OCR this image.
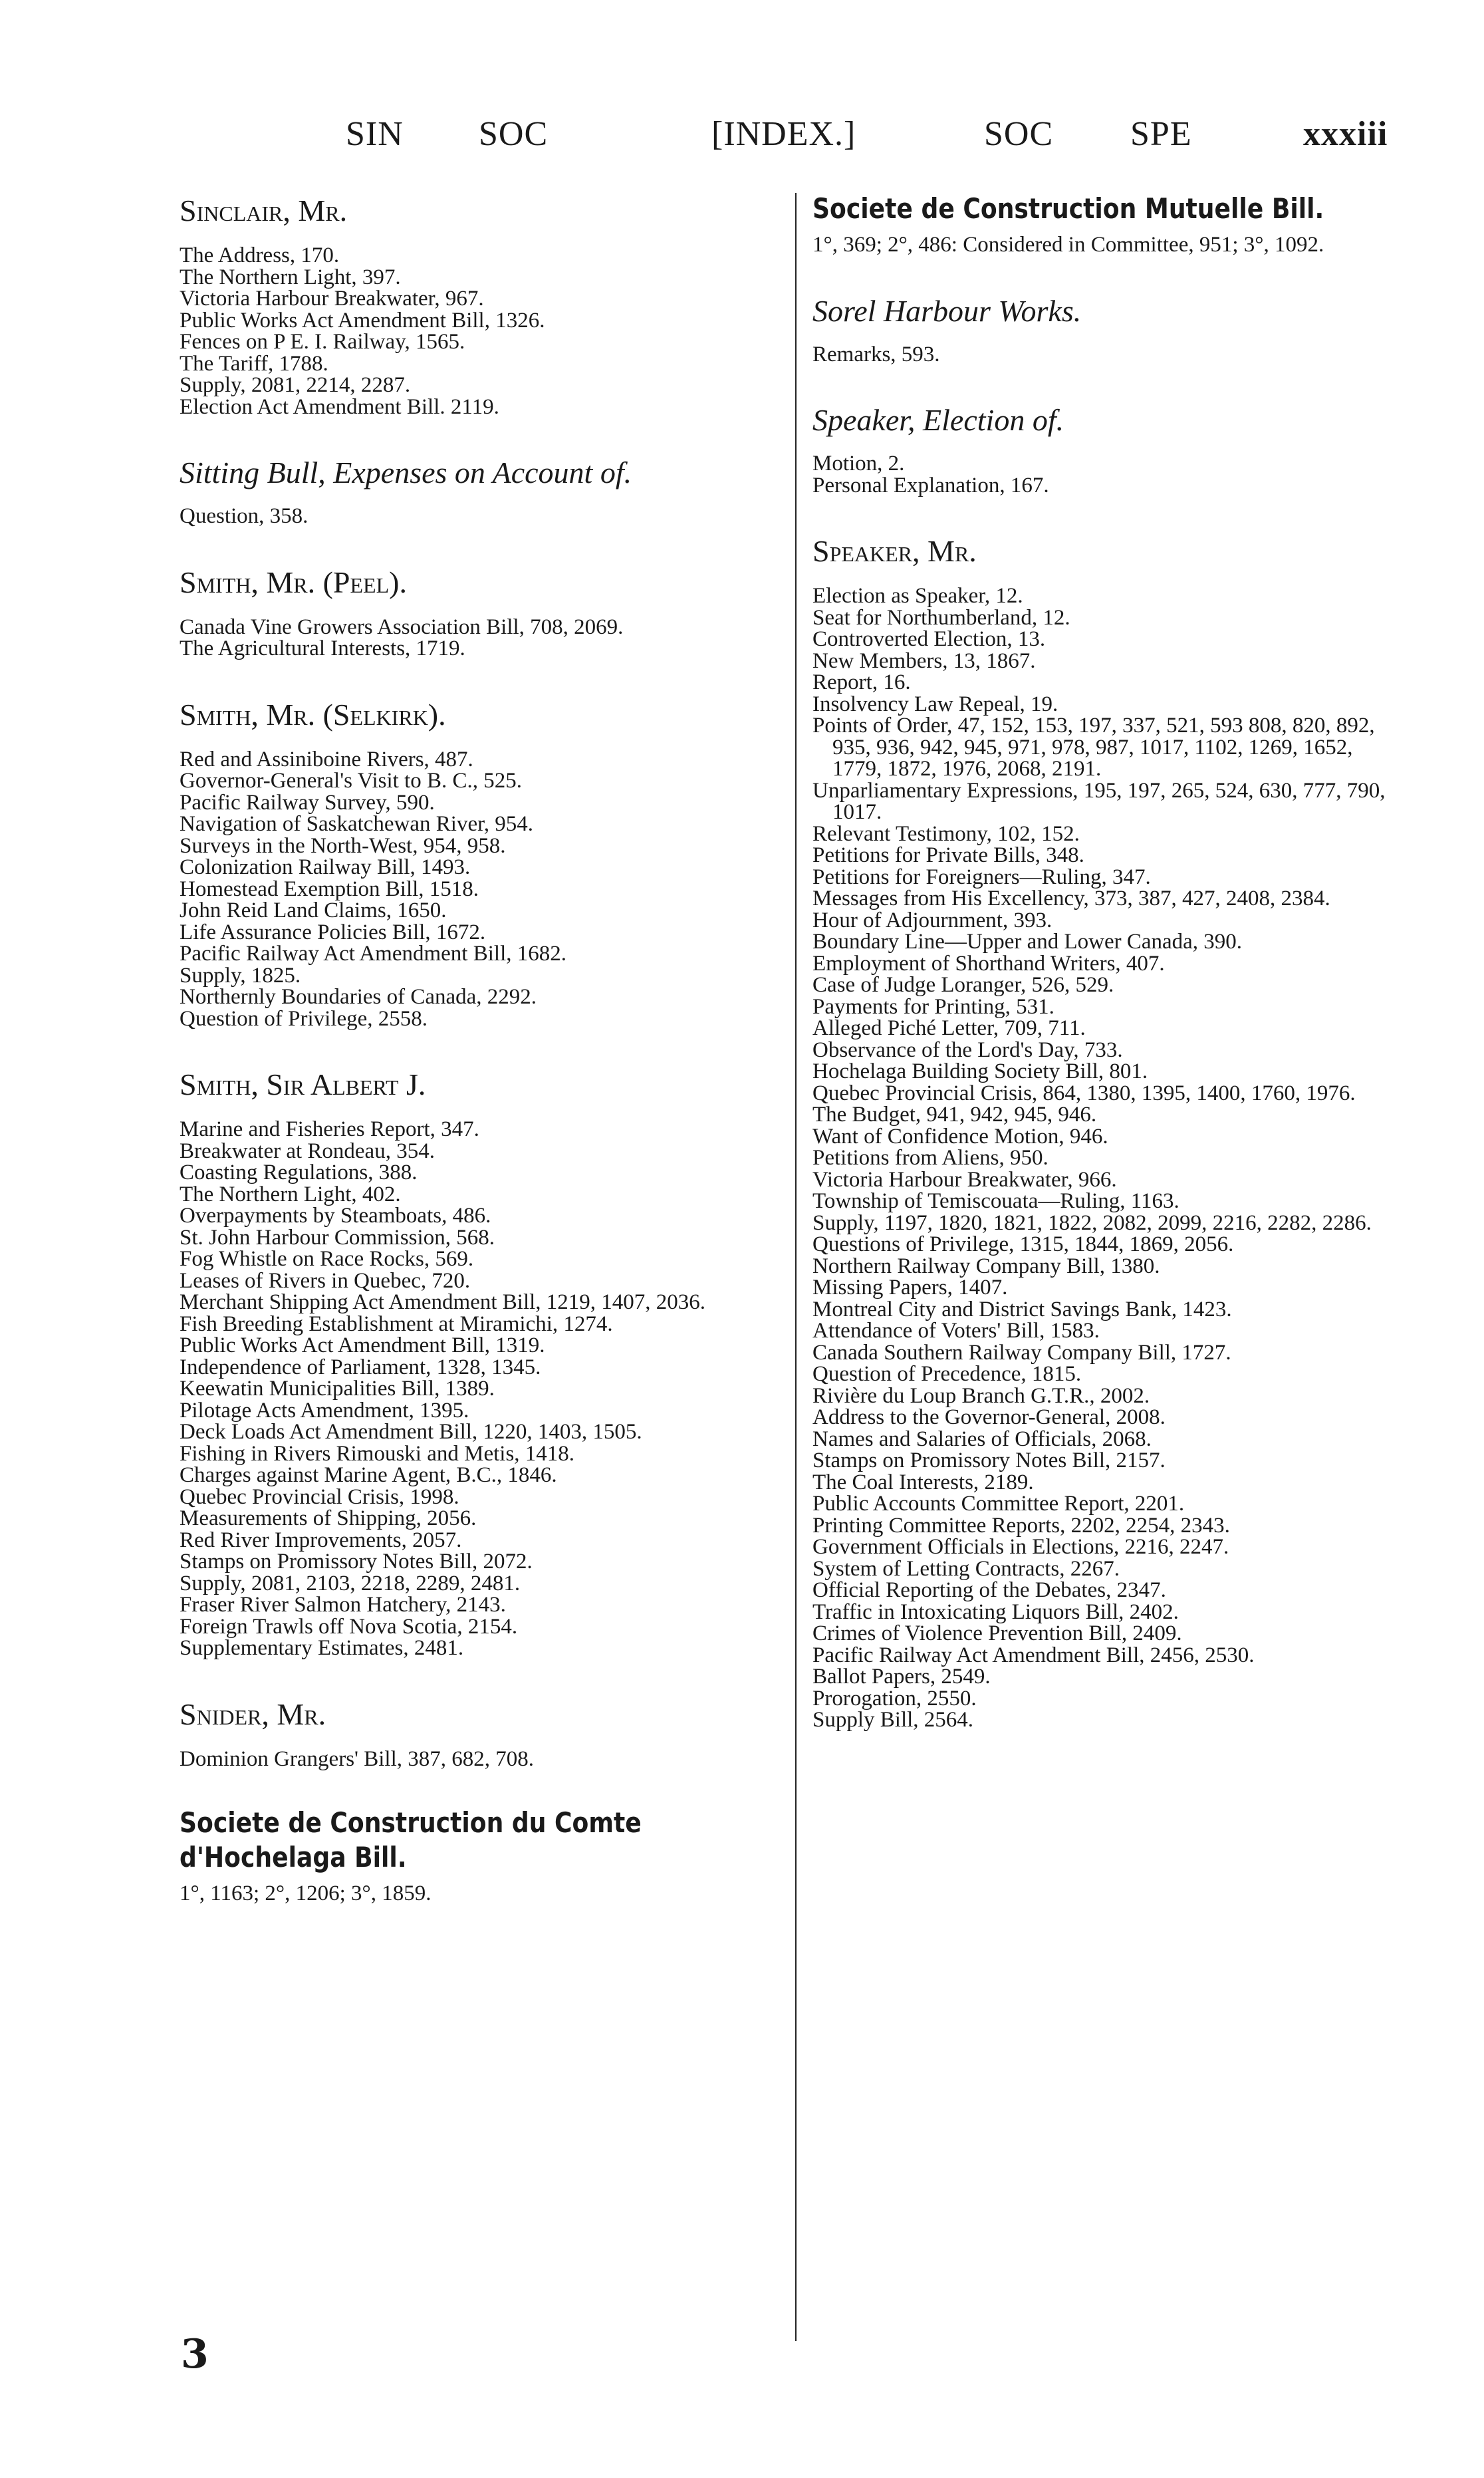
SIN SOC	[INDEX.]	SOC SPE	xxxiii
Sinclair, Mr.
The Address, 170.
The Northern Light, 397.
Victoria Harbour Breakwater, 967.
Public Works Act Amendment Bill, 1326.
Fences on P E. I. Railway, 1565.
The Tariff, 1788.
Supply, 2081, 2214, 2287.
Election Act Amendment Bill. 2119.
Sitting Bull, Expenses on Account of.
Question, 358.
Smith, Mr. (Peel).
Canada Vine Growers Association Bill, 708, 2069.
The Agricultural Interests, 1719.
Smith, Mr. (Selkirk).
Red and Assiniboine Rivers, 487.
Governor-General's Visit to B. C., 525.
Pacific Railway Survey, 590.
Navigation of Saskatchewan River, 954.
Surveys in the North-West, 954, 958.
Colonization Railway Bill, 1493.
Homestead Exemption Bill, 1518.
John Reid Land Claims, 1650.
Life Assurance Policies Bill, 1672.
Pacific Railway Act Amendment Bill, 1682.
Supply, 1825.
Northernly Boundaries of Canada, 2292.
Question of Privilege, 2558.
Smith, Sir Albert J.
Marine and Fisheries Report, 347.
Breakwater at Rondeau, 354.
Coasting Regulations, 388.
The Northern Light, 402.
Overpayments by Steamboats, 486.
St. John Harbour Commission, 568.
Fog Whistle on Race Rocks, 569.
Leases of Rivers in Quebec, 720.
Merchant Shipping Act Amendment Bill, 1219, 1407, 2036.
Fish Breeding Establishment at Miramichi, 1274.
Public Works Act Amendment Bill, 1319.
Independence of Parliament, 1328, 1345.
Keewatin Municipalities Bill, 1389.
Pilotage Acts Amendment, 1395.
Deck Loads Act Amendment Bill, 1220, 1403, 1505.
Fishing in Rivers Rimouski and Metis, 1418.
Charges against Marine Agent, B.C., 1846.
Quebec Provincial Crisis, 1998.
Measurements of Shipping, 2056.
Red River Improvements, 2057.
Stamps on Promissory Notes Bill, 2072.
Supply, 2081, 2103, 2218, 2289, 2481.
Fraser River Salmon Hatchery, 2143.
Foreign Trawls off Nova Scotia, 2154.
Supplementary Estimates, 2481.
Snider, Mr.
Dominion Grangers' Bill, 387, 682, 708.
Societe de Construction du Comte d'Hochelaga Bill.
1°, 1163; 2°, 1206; 3°, 1859.
Societe de Construction Mutuelle Bill.
1°, 369; 2°, 486: Considered in Committee, 951; 3°, 1092.
Sorel Harbour Works.
Remarks, 593.
Speaker, Election of.
Motion, 2.
Personal Explanation, 167.
Speaker, Mr.
Election as Speaker, 12.
Seat for Northumberland, 12.
Controverted Election, 13.
New Members, 13, 1867.
Report, 16.
Insolvency Law Repeal, 19.
Points of Order, 47, 152, 153, 197, 337, 521, 593 808, 820, 892, 935, 936, 942, 945, 971, 978, 987, 1017, 1102, 1269, 1652, 1779, 1872, 1976, 2068, 2191.
Unparliamentary Expressions, 195, 197, 265, 524, 630, 777, 790, 1017.
Relevant Testimony, 102, 152.
Petitions for Private Bills, 348.
Petitions for Foreigners—Ruling, 347.
Messages from His Excellency, 373, 387, 427, 2408, 2384.
Hour of Adjournment, 393.
Boundary Line—Upper and Lower Canada, 390.
Employment of Shorthand Writers, 407.
Case of Judge Loranger, 526, 529.
Payments for Printing, 531.
Alleged Piché Letter, 709, 711.
Observance of the Lord's Day, 733.
Hochelaga Building Society Bill, 801.
Quebec Provincial Crisis, 864, 1380, 1395, 1400, 1760, 1976.
The Budget, 941, 942, 945, 946.
Want of Confidence Motion, 946.
Petitions from Aliens, 950.
Victoria Harbour Breakwater, 966.
Township of Temiscouata—Ruling, 1163.
Supply, 1197, 1820, 1821, 1822, 2082, 2099, 2216, 2282, 2286.
Questions of Privilege, 1315, 1844, 1869, 2056.
Northern Railway Company Bill, 1380.
Missing Papers, 1407.
Montreal City and District Savings Bank, 1423.
Attendance of Voters' Bill, 1583.
Canada Southern Railway Company Bill, 1727.
Question of Precedence, 1815.
Rivière du Loup Branch G.T.R., 2002.
Address to the Governor-General, 2008.
Names and Salaries of Officials, 2068.
Stamps on Promissory Notes Bill, 2157.
The Coal Interests, 2189.
Public Accounts Committee Report, 2201.
Printing Committee Reports, 2202, 2254, 2343.
Government Officials in Elections, 2216, 2247.
System of Letting Contracts, 2267.
Official Reporting of the Debates, 2347.
Traffic in Intoxicating Liquors Bill, 2402.
Crimes of Violence Prevention Bill, 2409.
Pacific Railway Act Amendment Bill, 2456, 2530.
Ballot Papers, 2549.
Prorogation, 2550.
Supply Bill, 2564.
3
